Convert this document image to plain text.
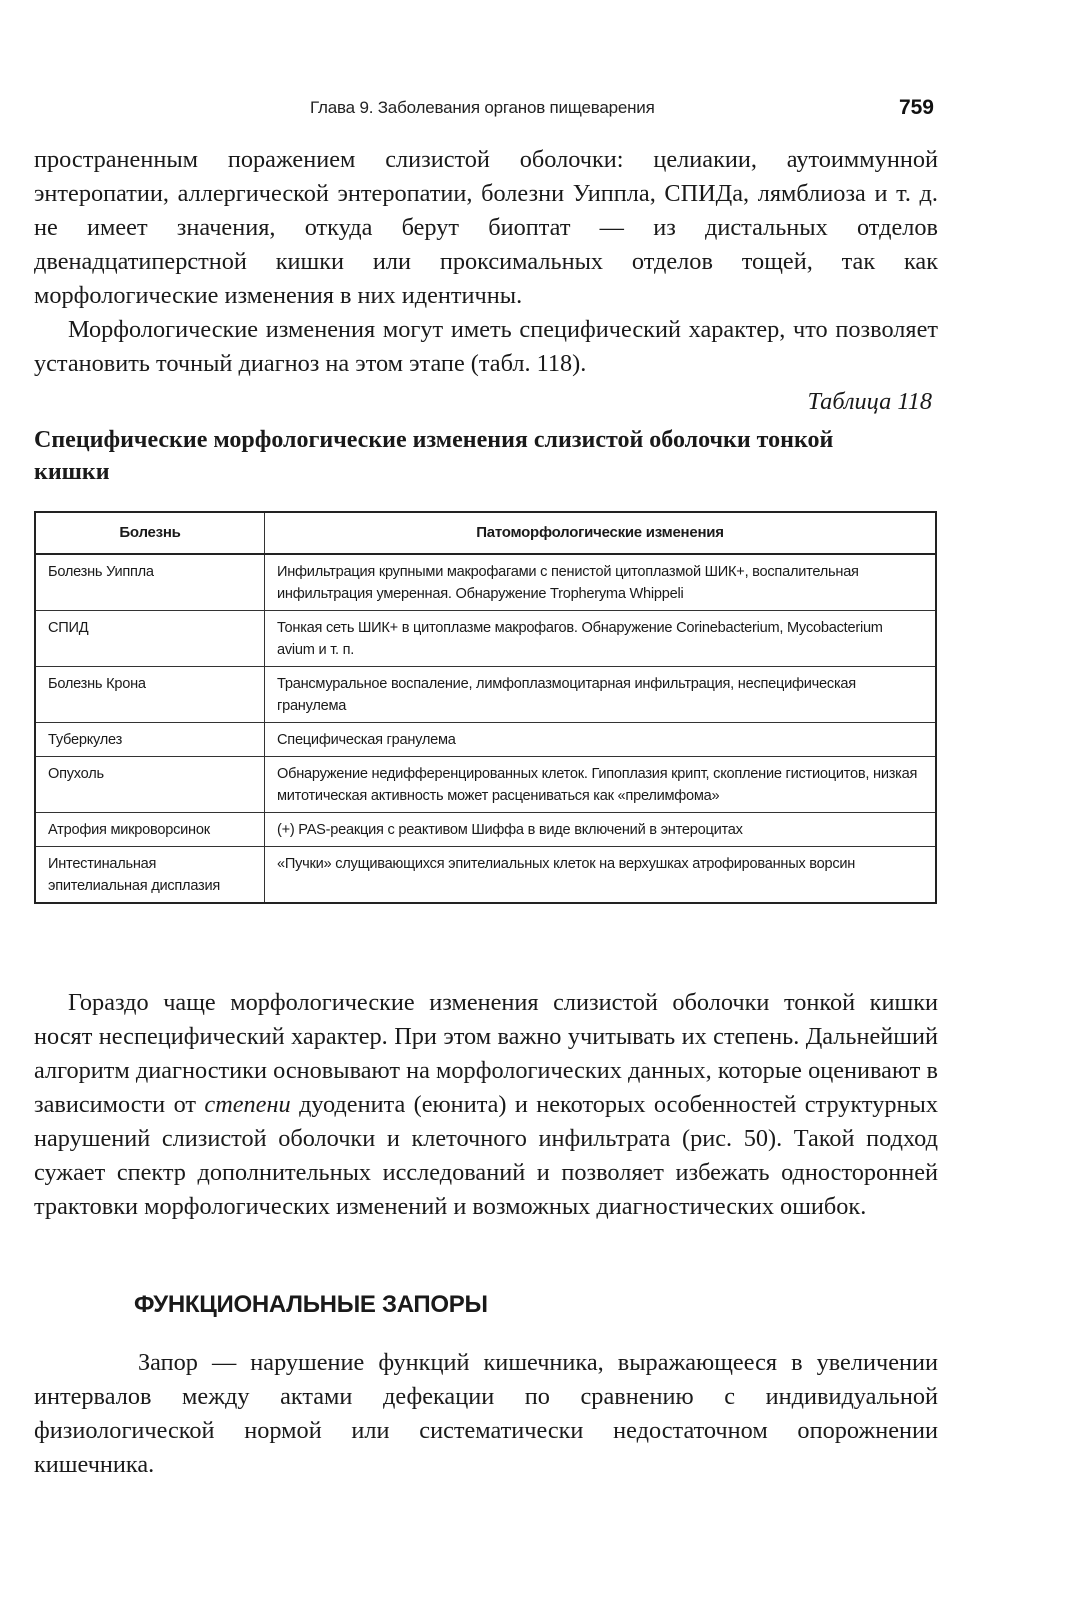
Глава 9. Заболевания органов пищеварения	759

пространенным поражением слизистой оболочки: целиакии, аутоиммунной энтеропатии, аллергической энтеропатии, болезни Уиппла, СПИДа, лямблиоза и т. д. не имеет значения, откуда берут биоптат — из дистальных отделов двенадцатиперстной кишки или проксимальных отделов тощей, так как морфологические изменения в них идентичны.

Морфологические изменения могут иметь специфический характер, что позволяет установить точный диагноз на этом этапе (табл. 118).

Таблица 118
Специфические морфологические изменения слизистой оболочки тонкой кишки
Болезнь	Патоморфологические изменения
Болезнь Уиппла	Инфильтрация крупными макрофагами с пенистой цитоплазмой ШИК+, воспалительная инфильтрация умеренная. Обнаружение Tropheryma Whippeli
СПИД	Тонкая сеть ШИК+ в цитоплазме макрофагов. Обнаружение Corinebacterium, Mycobacterium avium и т. п.
Болезнь Крона	Трансмуральное воспаление, лимфоплазмоцитарная инфильтрация, неспецифическая гранулема
Туберкулез	Специфическая гранулема
Опухоль	Обнаружение недифференцированных клеток. Гипоплазия крипт, скопление гистиоцитов, низкая митотическая активность может расцениваться как «прелимфома»
Атрофия микроворсинок	(+) PAS-реакция с реактивом Шиффа в виде включений в энтероцитах
Интестинальная эпителиальная дисплазия	«Пучки» слущивающихся эпителиальных клеток на верхушках атрофированных ворсин

Гораздо чаще морфологические изменения слизистой оболочки тонкой кишки носят неспецифический характер. При этом важно учитывать их степень. Дальнейший алгоритм диагностики основывают на морфологических данных, которые оценивают в зависимости от степени дуоденита (еюнита) и некоторых особенностей структурных нарушений слизистой оболочки и клеточного инфильтрата (рис. 50). Такой подход сужает спектр дополнительных исследований и позволяет избежать односторонней трактовки морфологических изменений и возможных диагностических ошибок.

ФУНКЦИОНАЛЬНЫЕ ЗАПОРЫ

Запор — нарушение функций кишечника, выражающееся в увеличении интервалов между актами дефекации по сравнению с индивидуальной физиологической нормой или систематически недостаточном опорожнении кишечника.
